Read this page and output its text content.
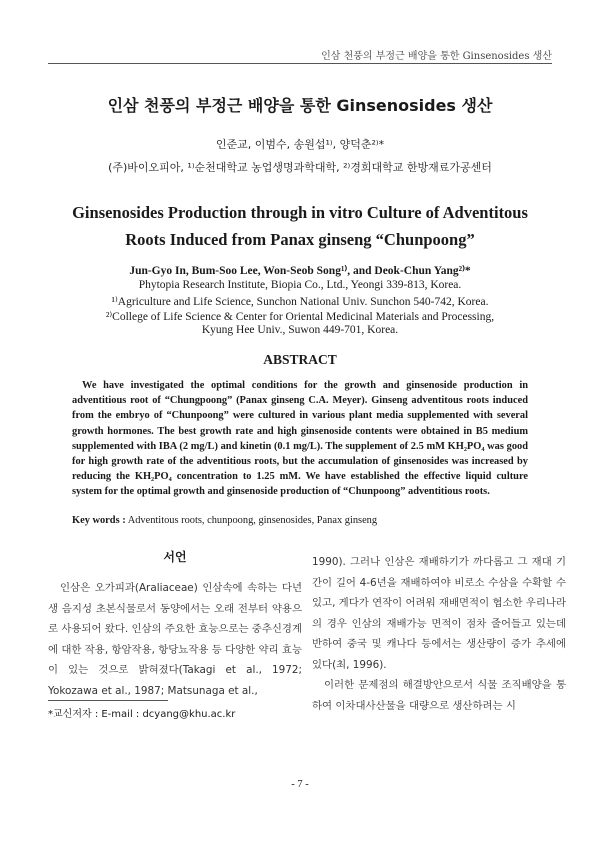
인삼 천풍의 부정근 배양을 통한 Ginsenosides 생산
인삼 천풍의 부정근 배양을 통한 Ginsenosides 생산
인준교, 이범수, 송원섭¹⁾, 양덕춘²⁾*
(주)바이오피아, ¹⁾순천대학교 농업생명과학대학, ²⁾경희대학교 한방재료가공센터
Ginsenosides Production through in vitro Culture of Adventitous
Roots Induced from Panax ginseng “Chunpoong”
Jun-Gyo In, Bum-Soo Lee, Won-Seob Song¹⁾, and Deok-Chun Yang²⁾*
Phytopia Research Institute, Biopia Co., Ltd., Yeongi 339-813, Korea.
¹⁾Agriculture and Life Science, Sunchon National Univ. Sunchon 540-742, Korea.
²⁾College of Life Science & Center for Oriental Medicinal Materials and Processing,
Kyung Hee Univ., Suwon 449-701, Korea.
ABSTRACT
We have investigated the optimal conditions for the growth and ginsenoside production in adventitious root of “Chungpoong” (Panax ginseng C.A. Meyer). Ginseng adventitous roots induced from the embryo of “Chunpoong” were cultured in various plant media supplemented with several growth hormones. The best growth rate and high ginsenoside contents were obtained in B5 medium supplemented with IBA (2 mg/L) and kinetin (0.1 mg/L). The supplement of 2.5 mM KH₂PO₄ was good for high growth rate of the adventitious roots, but the accumulation of ginsenosides was increased by reducing the KH₂PO₄ concentration to 1.25 mM. We have established the effective liquid culture system for the optimal growth and ginsenoside production of “Chunpoong” adventitious roots.
Key words : Adventitous roots, chunpoong, ginsenosides, Panax ginseng
서언
인삼은 오가피과(Araliaceae) 인삼속에 속하는 다년생 음지성 초본식물로서 동양에서는 오래 전부터 약용으로 사용되어 왔다. 인삼의 주요한 효능으로는 중추신경계에 대한 작용, 항암작용, 항당뇨작용 등 다양한 약리 효능이 있는 것으로 밝혀졌다(Takagi et al., 1972; Yokozawa et al., 1987; Matsunaga et al.,
1990). 그러나 인삼은 재배하기가 까다롭고 그 재대 기간이 길어 4-6년을 재배하여야 비로소 수삼을 수확할 수 있고, 게다가 연작이 어려워 재배면적이 협소한 우리나라의 경우 인삼의 재배가능 면적이 점차 줄어들고 있는데 반하여 중국 및 캐나다 등에서는 생산량이 증가 추세에 있다(최, 1996).
이러한 문제점의 해결방안으로서 식물 조직배양을 통하여 이차대사산물을 대량으로 생산하려는 시
*교신저자 : E-mail : dcyang@khu.ac.kr
- 7 -
